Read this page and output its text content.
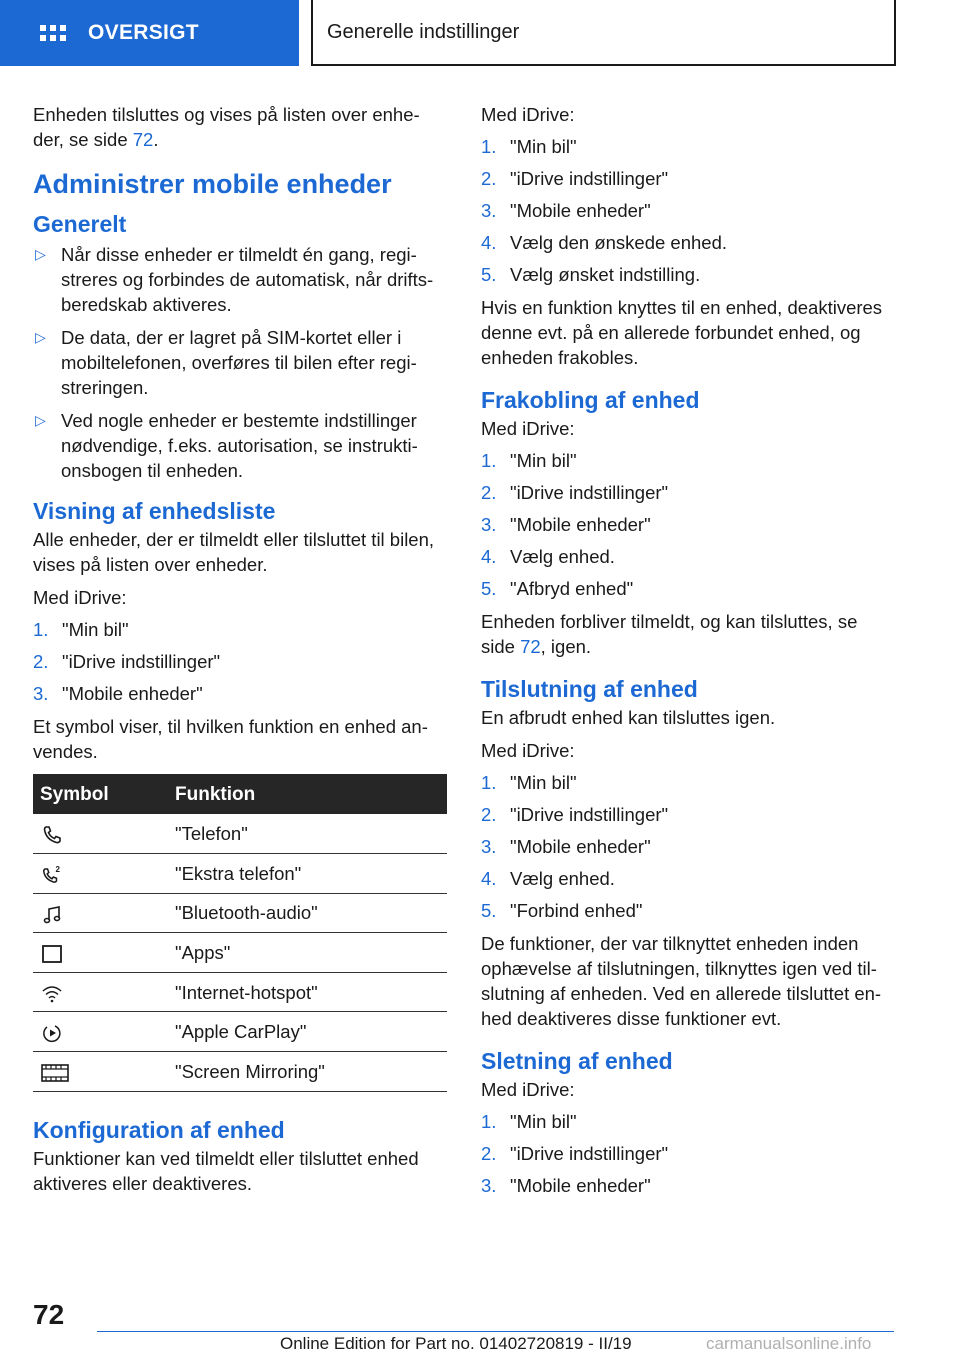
OVERSIGT	Generelle indstillinger

Enheden tilsluttes og vises på listen over enhe-
der, se side 72.

Administrer mobile enheder
Generelt
▷ Når disse enheder er tilmeldt én gang, regi-
streres og forbindes de automatisk, når drifts-
beredskab aktiveres.
▷ De data, der er lagret på SIM-kortet eller i
mobiltelefonen, overføres til bilen efter regi-
streringen.
▷ Ved nogle enheder er bestemte indstillinger
nødvendige, f.eks. autorisation, se instrukti-
onsbogen til enheden.
Visning af enhedsliste

Alle enheder, der er tilmeldt eller tilsluttet til bilen,
vises på listen over enheder.

Med iDrive:

1. "Min bil"
2. "iDrive indstillinger"
3. "Mobile enheder"

Et symbol viser, til hvilken funktion en enhed an-
vendes.

Symbol	Funktion

	"Telefon"

2	"Ekstra telefon"

	"Bluetooth-audio"

	"Apps"

	"Internet-hotspot"

	"Apple CarPlay"

	"Screen Mirroring"
Konfiguration af enhed

Funktioner kan ved tilmeldt eller tilsluttet enhed
aktiveres eller deaktiveres.

Med iDrive:

1. "Min bil"
2. "iDrive indstillinger"
3. "Mobile enheder"
4. Vælg den ønskede enhed.
5. Vælg ønsket indstilling.

Hvis en funktion knyttes til en enhed, deaktiveres
denne evt. på en allerede forbundet enhed, og
enheden frakobles.

Frakobling af enhed

Med iDrive:

1. "Min bil"
2. "iDrive indstillinger"
3. "Mobile enheder"
4. Vælg enhed.
5. "Afbryd enhed"

Enheden forbliver tilmeldt, og kan tilsluttes, se
side 72, igen.

Tilslutning af enhed

En afbrudt enhed kan tilsluttes igen.

Med iDrive:

1. "Min bil"
2. "iDrive indstillinger"
3. "Mobile enheder"
4. Vælg enhed.
5. "Forbind enhed"

De funktioner, der var tilknyttet enheden inden
ophævelse af tilslutningen, tilknyttes igen ved til-
slutning af enheden. Ved en allerede tilsluttet en-
hed deaktiveres disse funktioner evt.

Sletning af enhed

Med iDrive:

1. "Min bil"
2. "iDrive indstillinger"
3. "Mobile enheder"
72
Online Edition for Part no. 01402720819 - II/19	carmanualsonline.info
